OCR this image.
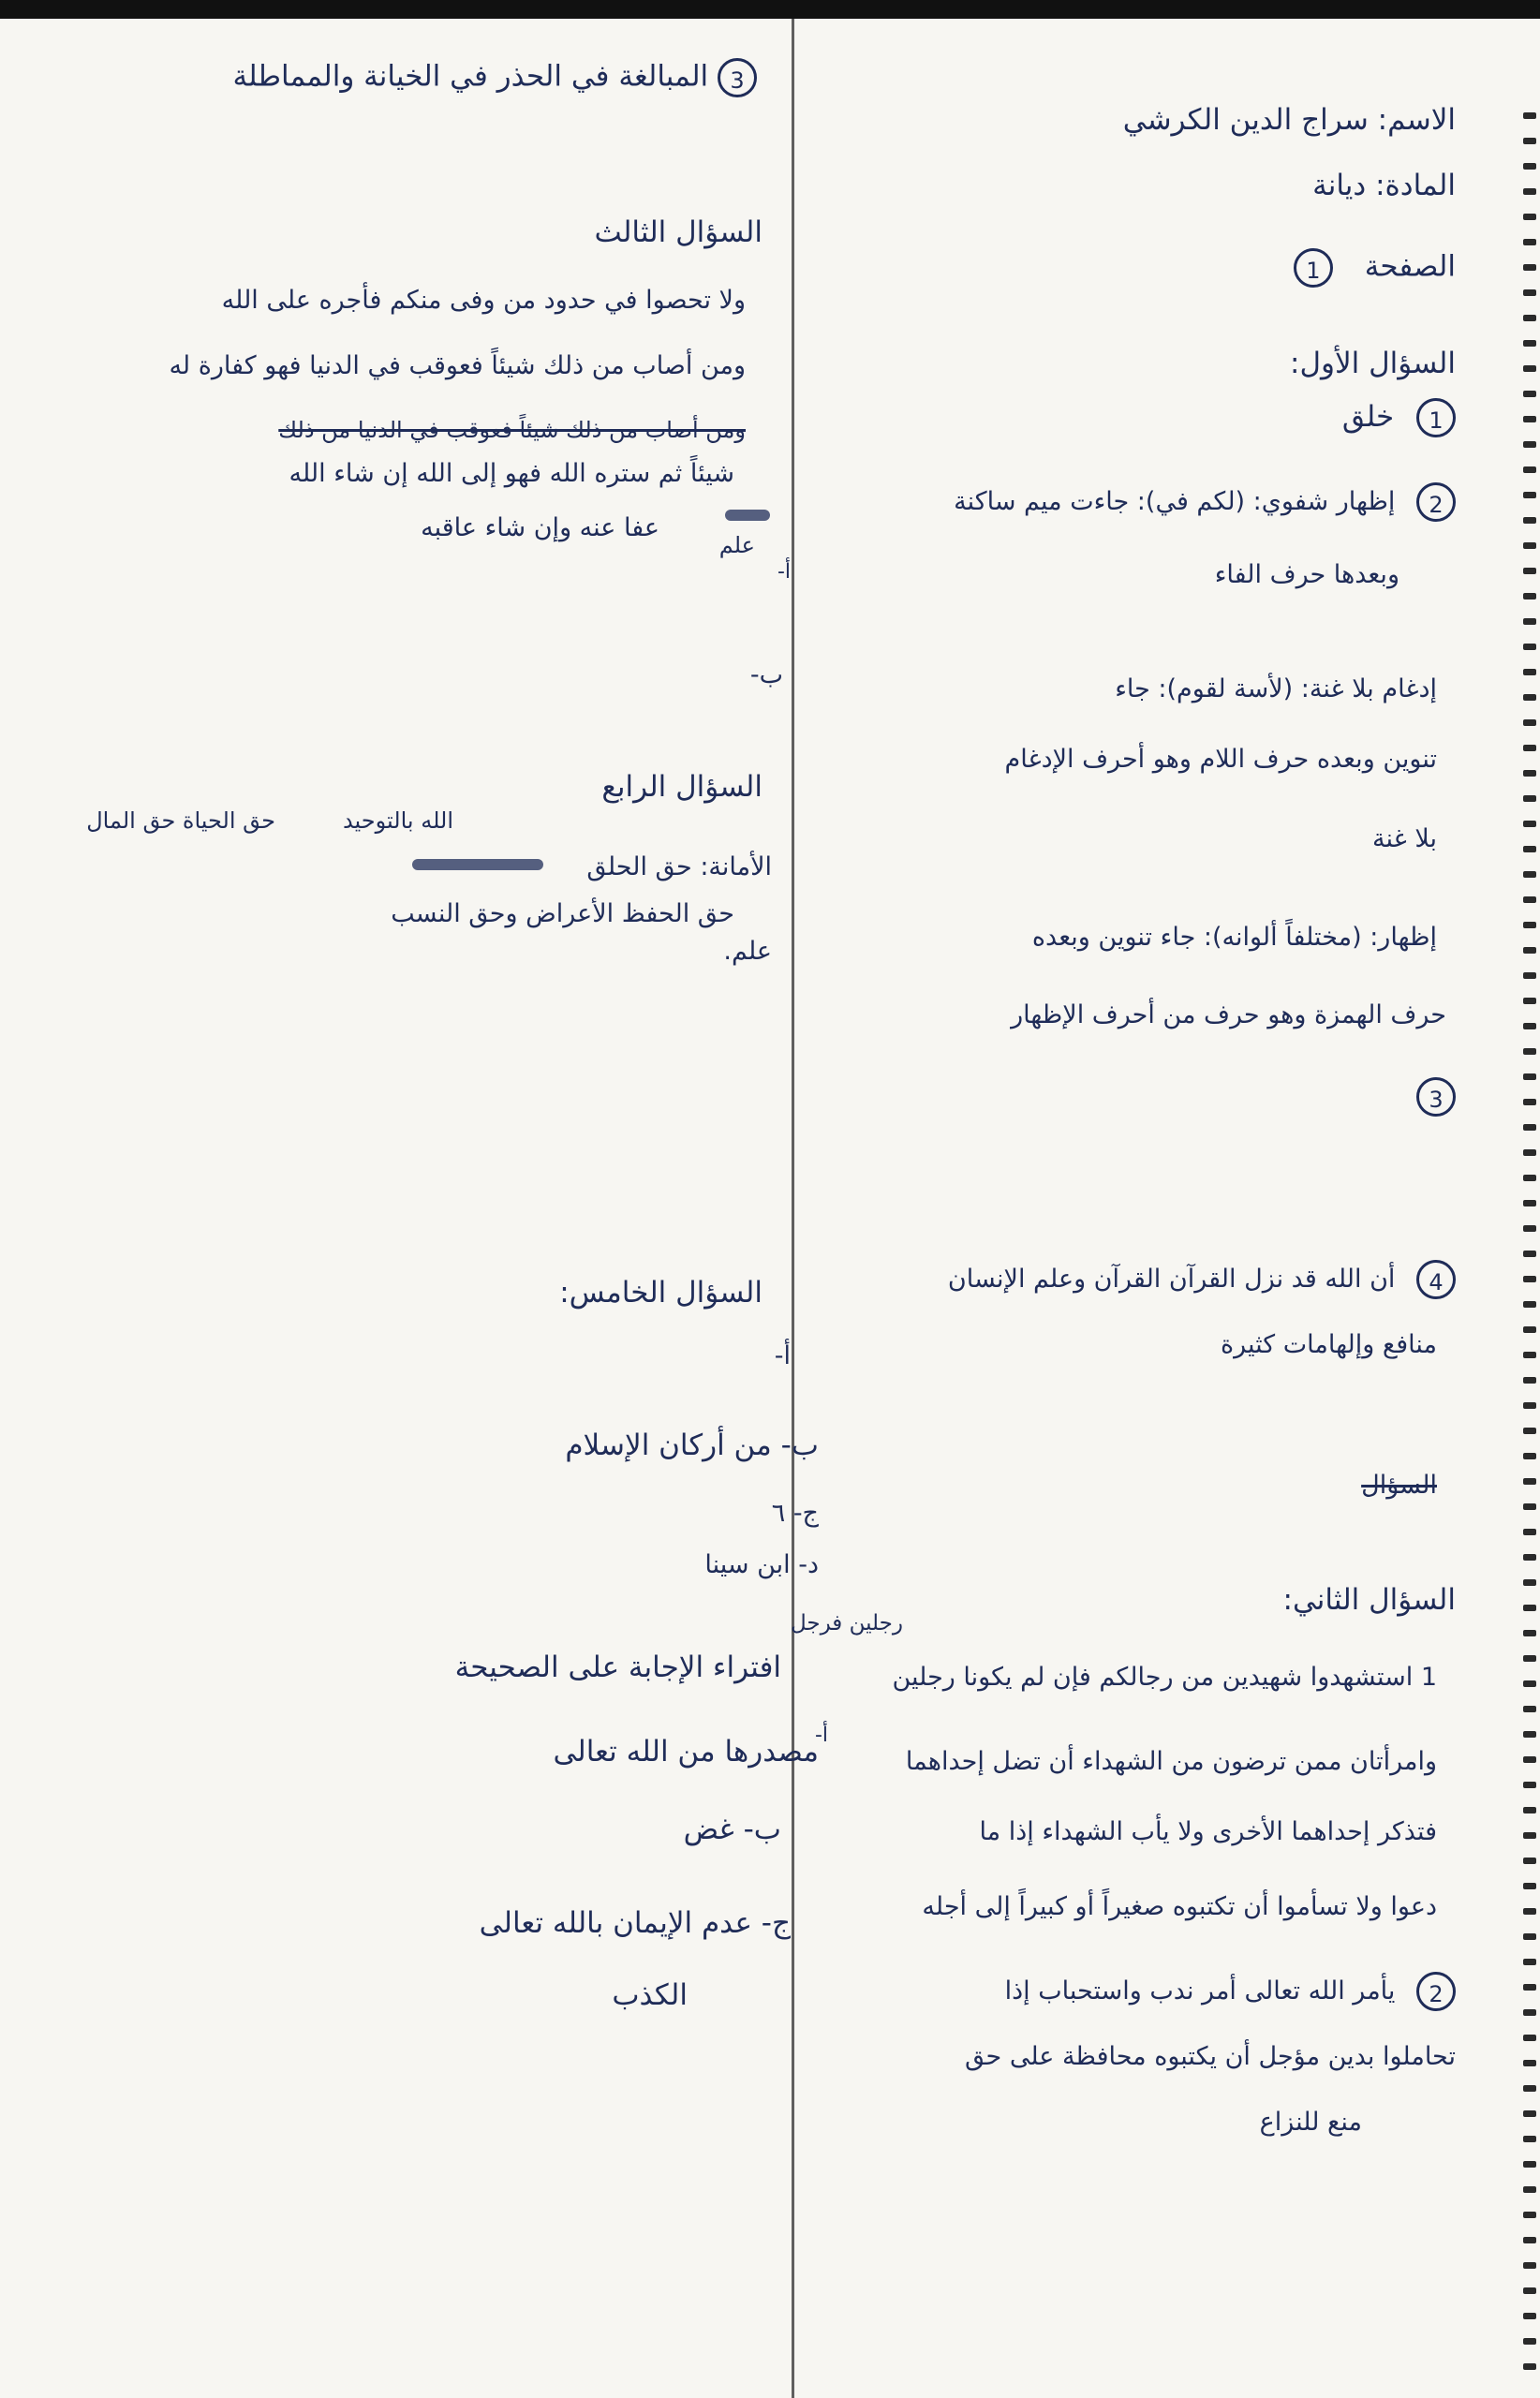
3 المبالغة في الحذر في الخيانة والمماطلة
السؤال الثالث
ولا تحصوا في حدود من وفى منكم فأجره على الله
ومن أصاب من ذلك شيئاً فعوقب في الدنيا فهو كفارة له
ومن أصاب من ذلك شيئاً فعوقب في الدنيا من ذلك
شيئاً ثم ستره الله فهو إلى الله إن شاء الله
عفا عنه وإن شاء عاقبه
علم
أ-
ب-
السؤال الرابع
الله بالتوحيد
حق الحياة حق المال
الأمانة: حق الحلق
حق الحفظ الأعراض وحق النسب
علم.
السؤال الخامس:
أ-
ب- من أركان الإسلام
ج- ٦
د- ابن سينا
افتراء الإجابة على الصحيحة
مصدرها من الله تعالى
أ-
ب- غض
ج- عدم الإيمان بالله تعالى
الكذب
الاسم: سراج الدين الكرشي
المادة: ديانة
الصفحة 1
السؤال الأول:
1 خلق
2 إظهار شفوي: (لكم في): جاءت ميم ساكنة
وبعدها حرف الفاء
إدغام بلا غنة: (لأسة لقوم): جاء
تنوين وبعده حرف اللام وهو أحرف الإدغام
بلا غنة
إظهار: (مختلفاً ألوانه): جاء تنوين وبعده
حرف الهمزة وهو حرف من أحرف الإظهار
3
4 أن الله قد نزل القرآن القرآن وعلم الإنسان
منافع وإلهامات كثيرة
السؤال
السؤال الثاني:
رجلين فرجل
1 استشهدوا شهيدين من رجالكم فإن لم يكونا رجلين
وامرأتان ممن ترضون من الشهداء أن تضل إحداهما
فتذكر إحداهما الأخرى ولا يأب الشهداء إذا ما
دعوا ولا تسأموا أن تكتبوه صغيراً أو كبيراً إلى أجله
2 يأمر الله تعالى أمر ندب واستحباب إذا
تحاملوا بدين مؤجل أن يكتبوه محافظة على حق
منع للنزاع
